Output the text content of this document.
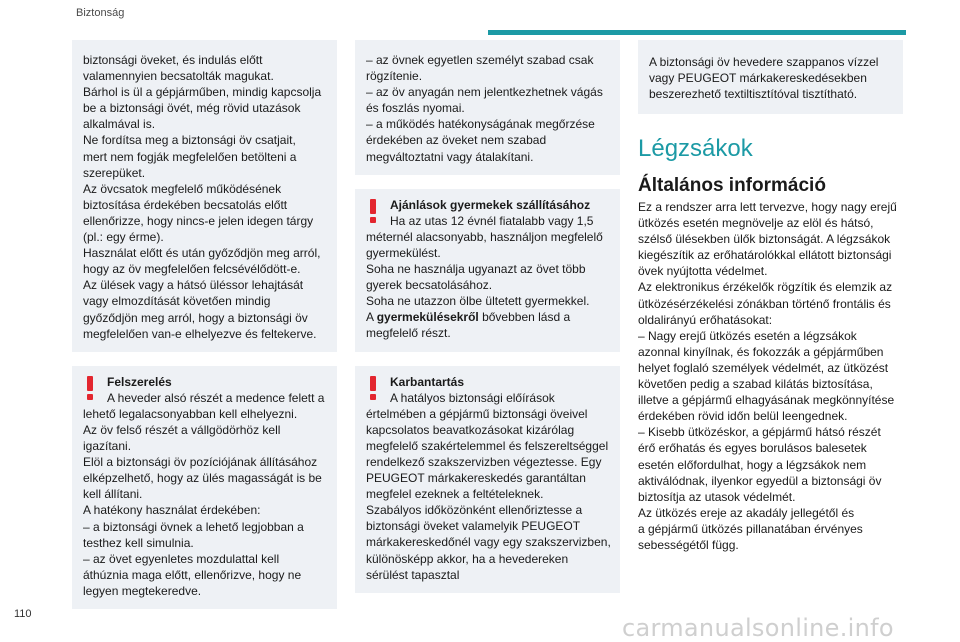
Biztonság
biztonsági öveket, és indulás előtt
valamennyien becsatolták magukat.
Bárhol is ül a gépjárműben, mindig kapcsolja
be a biztonsági övét, még rövid utazások
alkalmával is.
Ne fordítsa meg a biztonsági öv csatjait,
mert nem fogják megfelelően betölteni a
szerepüket.
Az övcsatok megfelelő működésének
biztosítása érdekében becsatolás előtt
ellenőrizze, hogy nincs-e jelen idegen tárgy
(pl.: egy érme).
Használat előtt és után győződjön meg arról,
hogy az öv megfelelően felcsévélődött-e.
Az ülések vagy a hátsó üléssor lehajtását
vagy elmozdítását követően mindig
győződjön meg arról, hogy a biztonsági öv
megfelelően van-e elhelyezve és feltekerve.
Felszerelés
A heveder alsó részét a medence felett a
lehető legalacsonyabban kell elhelyezni.
Az öv felső részét a vállgödörhöz kell
igazítani.
Elöl a biztonsági öv pozíciójának állításához
elképzelhető, hogy az ülés magasságát is be
kell állítani.
A hatékony használat érdekében:
– a biztonsági övnek a lehető legjobban a
testhez kell simulnia.
– az övet egyenletes mozdulattal kell
áthúznia maga előtt, ellenőrizve, hogy ne
legyen megtekeredve.
– az övnek egyetlen személyt szabad csak
rögzítenie.
– az öv anyagán nem jelentkezhetnek vágás
és foszlás nyomai.
– a működés hatékonyságának megőrzése
érdekében az öveket nem szabad
megváltoztatni vagy átalakítani.
Ajánlások gyermekek szállításához
Ha az utas 12 évnél fiatalabb vagy 1,5
méternél alacsonyabb, használjon megfelelő
gyermekülést.
Soha ne használja ugyanazt az övet több
gyerek becsatolásához.
Soha ne utazzon ölbe ültetett gyermekkel.
A gyermekülésekről bővebben lásd a
megfelelő részt.
Karbantartás
A hatályos biztonsági előírások
értelmében a gépjármű biztonsági öveivel
kapcsolatos beavatkozásokat kizárólag
megfelelő szakértelemmel és felszereltséggel
rendelkező szakszervizben végeztesse. Egy
PEUGEOT márkakereskedés garantáltan
megfelel ezeknek a feltételeknek.
Szabályos időközönként ellenőriztesse a
biztonsági öveket valamelyik PEUGEOT
márkakereskedőnél vagy egy szakszervizben,
különösképp akkor, ha a hevedereken
sérülést tapasztal
A biztonsági öv hevedere szappanos vízzel
vagy PEUGEOT márkakereskedésekben
beszerezhető textiltisztítóval tisztítható.
Légzsákok
Általános információ
Ez a rendszer arra lett tervezve, hogy nagy erejű
ütközés esetén megnövelje az elöl és hátsó,
szélső ülésekben ülők biztonságát. A légzsákok
kiegészítik az erőhatárolókkal ellátott biztonsági
övek nyújtotta védelmet.
Az elektronikus érzékelők rögzítik és elemzik az
ütközésérzékelési zónákban történő frontális és
oldalirányú erőhatásokat:
– Nagy erejű ütközés esetén a légzsákok
azonnal kinyílnak, és fokozzák a gépjárműben
helyet foglaló személyek védelmét, az ütközést
követően pedig a szabad kilátás biztosítása,
illetve a gépjármű elhagyásának megkönnyítése
érdekében rövid időn belül leengednek.
– Kisebb ütközéskor, a gépjármű hátsó részét
érő erőhatás és egyes borulásos balesetek
esetén előfordulhat, hogy a légzsákok nem
aktiválódnak, ilyenkor egyedül a biztonsági öv
biztosítja az utasok védelmét.
Az ütközés ereje az akadály jellegétől és
a gépjármű ütközés pillanatában érvényes
sebességétől függ.
110	carmanualsonline.info
